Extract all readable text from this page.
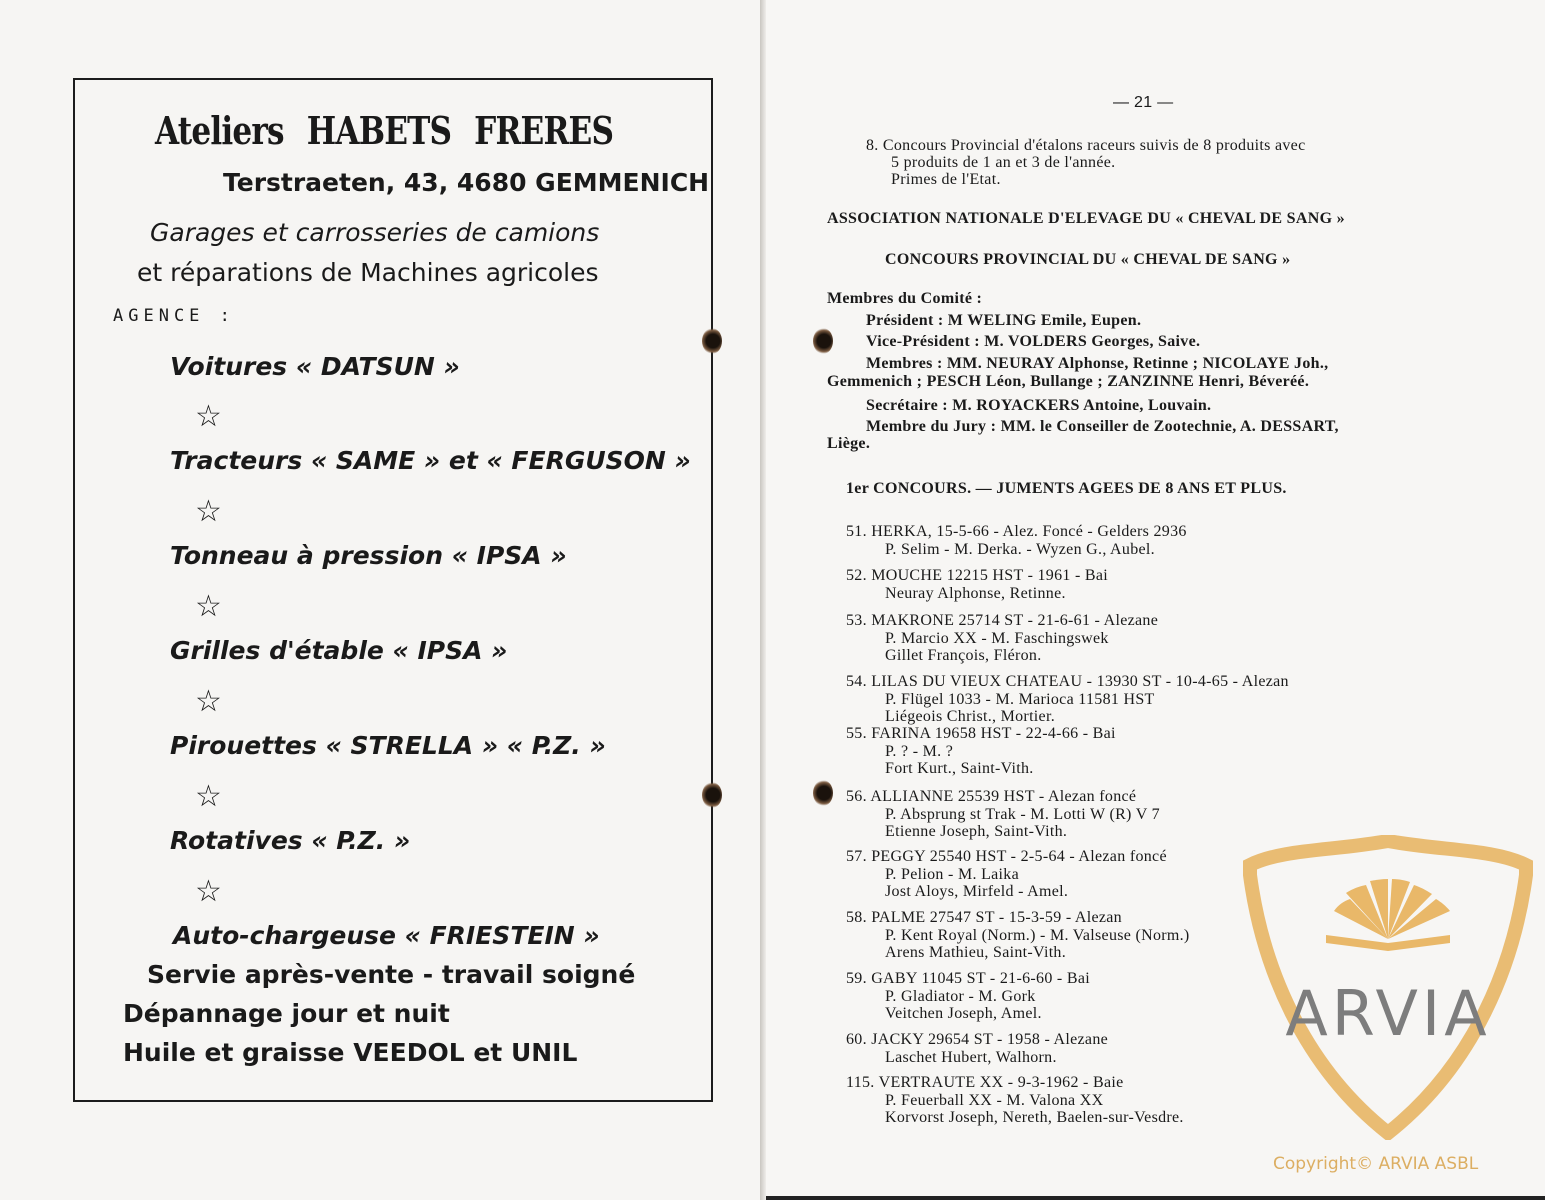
Ateliers HABETS FRERES
Terstraeten, 43, 4680 GEMMENICH
Garages et carrosseries de camions
et réparations de Machines agricoles
AGENCE :
Voitures « DATSUN »
☆
Tracteurs « SAME » et « FERGUSON »
☆
Tonneau à pression « IPSA »
☆
Grilles d'étable « IPSA »
☆
Pirouettes « STRELLA » « P.Z. »
☆
Rotatives « P.Z. »
☆
Auto-chargeuse « FRIESTEIN »
Servie après-vente - travail soigné
Dépannage jour et nuit
Huile et graisse VEEDOL et UNIL
— 21 —
8. Concours Provincial d'étalons raceurs suivis de 8 produits avec
5 produits de 1 an et 3 de l'année.
Primes de l'Etat.
ASSOCIATION NATIONALE D'ELEVAGE DU « CHEVAL DE SANG »
CONCOURS PROVINCIAL DU « CHEVAL DE SANG »
Membres du Comité :
Président : M WELING Emile, Eupen.
Vice-Président : M. VOLDERS Georges, Saive.
Membres : MM. NEURAY Alphonse, Retinne ; NICOLAYE Joh.,
Gemmenich ; PESCH Léon, Bullange ; ZANZINNE Henri, Béveréé.
Secrétaire : M. ROYACKERS Antoine, Louvain.
Membre du Jury : MM. le Conseiller de Zootechnie, A. DESSART,
Liège.
1er CONCOURS. — JUMENTS AGEES DE 8 ANS ET PLUS.
51. HERKA, 15-5-66 - Alez. Foncé - Gelders 2936
P. Selim - M. Derka. - Wyzen G., Aubel.
52. MOUCHE 12215 HST - 1961 - Bai
Neuray Alphonse, Retinne.
53. MAKRONE 25714 ST - 21-6-61 - Alezane
P. Marcio XX - M. Faschingswek
Gillet François, Fléron.
54. LILAS DU VIEUX CHATEAU - 13930 ST - 10-4-65 - Alezan
P. Flügel 1033 - M. Marioca 11581 HST
Liégeois Christ., Mortier.
55. FARINA 19658 HST - 22-4-66 - Bai
P. ? - M. ?
Fort Kurt., Saint-Vith.
56. ALLIANNE 25539 HST - Alezan foncé
P. Absprung st Trak - M. Lotti W (R) V 7
Etienne Joseph, Saint-Vith.
57. PEGGY 25540 HST - 2-5-64 - Alezan foncé
P. Pelion - M. Laika
Jost Aloys, Mirfeld - Amel.
58. PALME 27547 ST - 15-3-59 - Alezan
P. Kent Royal (Norm.) - M. Valseuse (Norm.)
Arens Mathieu, Saint-Vith.
59. GABY 11045 ST - 21-6-60 - Bai
P. Gladiator - M. Gork
Veitchen Joseph, Amel.
60. JACKY 29654 ST - 1958 - Alezane
Laschet Hubert, Walhorn.
115. VERTRAUTE XX - 9-3-1962 - Baie
P. Feuerball XX - M. Valona XX
Korvorst Joseph, Nereth, Baelen-sur-Vesdre.
ARVIA
Copyright© ARVIA ASBL
